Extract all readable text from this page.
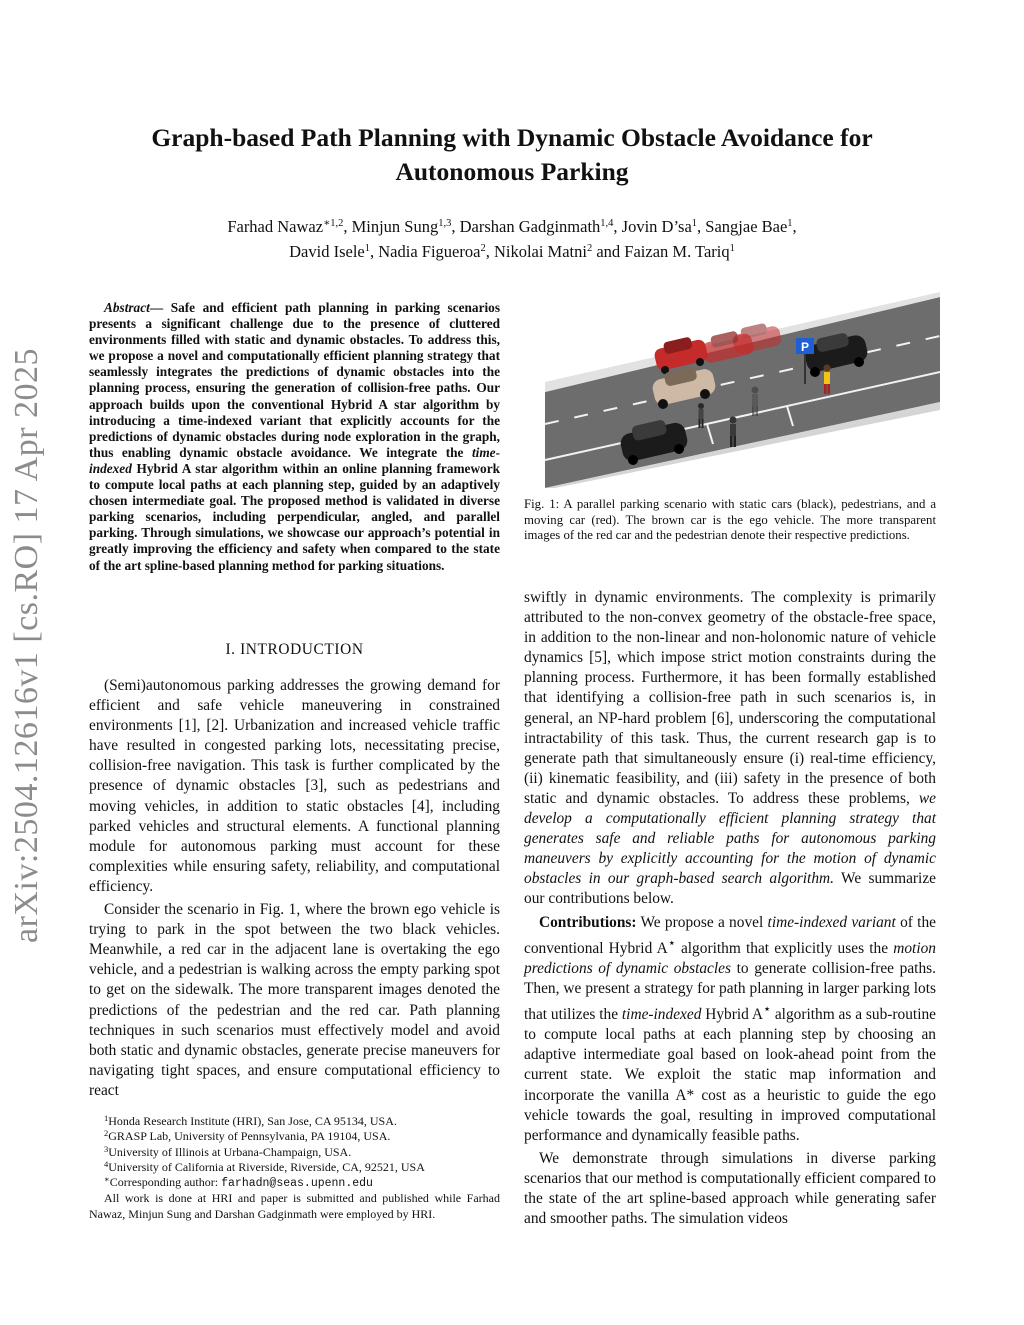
arXiv:2504.12616v1 [cs.RO] 17 Apr 2025
Graph-based Path Planning with Dynamic Obstacle Avoidance for
Autonomous Parking
Farhad Nawaz$^{∗1,2}$, Minjun Sung$^{1,3}$, Darshan Gadginmath$^{1,4}$, Jovin $D’sa^1$, Sangjae Bae$^1$,
David Isele$^1$, Nadia Figueroa$^2$, Nikolai Matni$^2$ and Faizan M. Tariq$^1$
Abstract— Safe and efficient path planning in parking scenarios presents a significant challenge due to the presence of cluttered environments filled with static and dynamic obstacles. To address this, we propose a novel and computationally efficient planning strategy that seamlessly integrates the predictions of dynamic obstacles into the planning process, ensuring the generation of collision-free paths. Our approach builds upon the conventional Hybrid A star algorithm by introducing a time-indexed variant that explicitly accounts for the predictions of dynamic obstacles during node exploration in the graph, thus enabling dynamic obstacle avoidance. We integrate the time-indexed Hybrid A star algorithm within an online planning framework to compute local paths at each planning step, guided by an adaptively chosen intermediate goal. The proposed method is validated in diverse parking scenarios, including perpendicular, angled, and parallel parking. Through simulations, we showcase our approach’s potential in greatly improving the efficiency and safety when compared to the state of the art spline-based planning method for parking situations.
I. INTRODUCTION

(Semi)autonomous parking addresses the growing demand for efficient and safe vehicle maneuvering in constrained environments [1], [2]. Urbanization and increased vehicle traffic have resulted in congested parking lots, necessitating precise, collision-free navigation. This task is further complicated by the presence of dynamic obstacles [3], such as pedestrians and moving vehicles, in addition to static obstacles [4], including parked vehicles and structural elements. A functional planning module for autonomous parking must account for these complexities while ensuring safety, reliability, and computational efficiency.

Consider the scenario in Fig. 1, where the brown ego vehicle is trying to park in the spot between the two black vehicles. Meanwhile, a red car in the adjacent lane is overtaking the ego vehicle, and a pedestrian is walking across the empty parking spot to get on the sidewalk. The more transparent images denoted the predictions of the pedestrian and the red car. Path planning techniques in such scenarios must effectively model and avoid both static and dynamic obstacles, generate precise maneuvers for navigating tight spaces, and ensure computational efficiency to react

$^1$Honda Research Institute (HRI), San Jose, CA 95134, USA.
$^2$GRASP Lab, University of Pennsylvania, PA 19104, USA.
$^3$University of Illinois at Urbana-Champaign, USA.
$^4$University of California at Riverside, Riverside, CA, 92521, USA
∗Corresponding author: farhadn@seas.upenn.edu
All work is done at HRI and paper is submitted and published while Farhad Nawaz, Minjun Sung and Darshan Gadginmath were employed by HRI.
P
Fig. 1: A parallel parking scenario with static cars (black), pedestrians, and a moving car (red). The brown car is the ego vehicle. The more transparent images of the red car and the pedestrian denote their respective predictions.

swiftly in dynamic environments. The complexity is primarily attributed to the non-convex geometry of the obstacle-free space, in addition to the non-linear and non-holonomic nature of vehicle dynamics [5], which impose strict motion constraints during the planning process. Furthermore, it has been formally established that identifying a collision-free path in such scenarios is, in general, an NP-hard problem [6], underscoring the computational intractability of this task. Thus, the current research gap is to generate path that simultaneously ensure (i) real-time efficiency, (ii) kinematic feasibility, and (iii) safety in the presence of both static and dynamic obstacles. To address these problems, we develop a computationally efficient planning strategy that generates safe and reliable paths for autonomous parking maneuvers by explicitly accounting for the motion of dynamic obstacles in our graph-based search algorithm. We summarize our contributions below.

Contributions: We propose a novel time-indexed variant of the conventional Hybrid A⋆ algorithm that explicitly uses the motion predictions of dynamic obstacles to generate collision-free paths. Then, we present a strategy for path planning in larger parking lots that utilizes the time-indexed Hybrid A⋆ algorithm as a sub-routine to compute local paths at each planning step by choosing an adaptive intermediate goal based on look-ahead point from the current state. We exploit the static map information and incorporate the vanilla A* cost as a heuristic to guide the ego vehicle towards the goal, resulting in improved computational performance and dynamically feasible paths.

We demonstrate through simulations in diverse parking scenarios that our method is computationally efficient compared to the state of the art spline-based approach while generating safer and smoother paths. The simulation videos
